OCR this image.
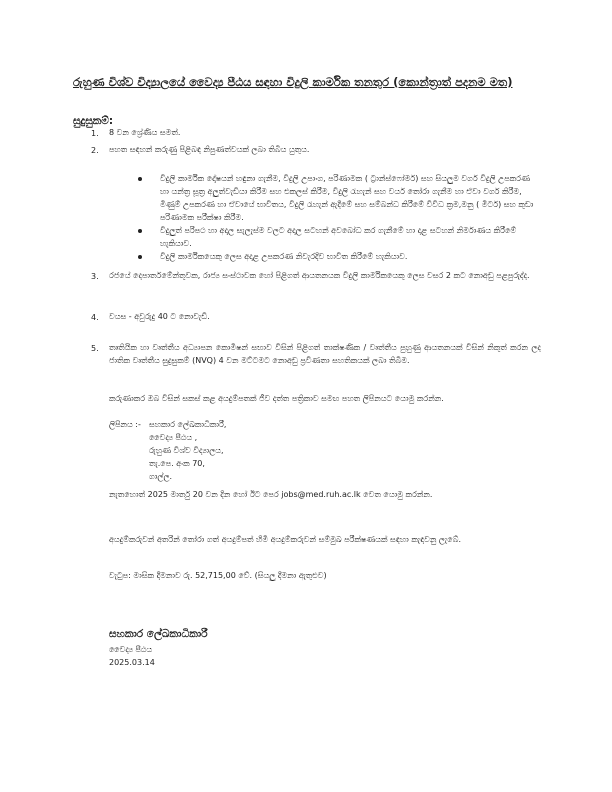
රුහුණ විශ්ව විද්‍යාලයේ වෛද්‍ය පීඨය සඳහා විදුලි කාර්මික තනතුර (කොන්ත්‍රාත් පදනම මත)
සුදුසුකම්:
1. 8 වන ශ්‍රේණිය සමත්.
2. පහත සඳහන් කරුණු පිළිබඳ නිපුණත්වයක් ලබා තිබිය යුතුය.
විදුලි කාර්මික දෝෂයන් හඳුනා ගැනීම, විදුලි උපාංග, පරිණාමක ( ට්‍රාන්ස්ෆෝමර්) සහ සියලුම වර්ග විදුලි උපකරණ හා යන්ත්‍ර සූත්‍ර අලුත්වැඩියා කිරීම සහ එකලස් කිරීම, විදුලි රැහැන් සහ වයර් තෝරා ගැනීම හා ඒවා වර්ග කිරීම, මිණුම් උපකරණ හා ඒවායේ භාවිතය, විදුලි රැහැන් ඇදීමේ සහ සම්බන්ධ කිරීමේ විවිධ ක්‍රම,මනු ( මීටර්) සහ කුඩා පරිණාමක පරීක්ෂා කිරීම.
විදුලුත් පරිපථ හා අදාල සැලැස්ම වලට අදාල සටහන් අවබෝධ කර ගැනීමේ හා දළ සටහන් නිර්මාණය කිරීමේ හැකියාව.
විදුලි කාර්මිකයෙකු ලෙස අදාළ උපකරණ නිවැරදිව භාවිත කිරීමේ හැකියාව.
3. රජයේ දෙපාර්තමේන්තුවක, රාජ්‍ය සංස්ථාවක හෝ පිළිගත් ආයතනයක විදුලි කාර්මිකයෙකු ලෙස වසර 2 කට නොඅඩු පළපුරුද්ද.
4. වයස - අවුරුදු 40 ට නොවැඩි.
5. තෘතියික හා වෘත්තීය අධ්‍යාපන කොමිෂන් සභාව විසින් පිළිගත් තාක්ෂණික / වෘත්තීය පුහුණු ආයතනයක් විසින් නිකුත් කරන ලද ජාතික වෘත්තීය සුදුසුකම් (NVQ) 4 වන මට්ටමට නොඅඩු ප්‍රවීණතා සහතිකයක් ලබා තිබීම.
කරුණාකර ඔබ විසින් සකස් කළ අයදුම්පතක් ජීව දත්ත පත්‍රිකාව සමඟ පහත ලිපිනයට යොමු කරන්න.
ලිපිනය :- සහකාර ලේඛකාධිකාරී,
වෛද්‍ය පීඨය ,
රුහුණ විශ්ව විද්‍යාලය,
තැ.පෙ. අංක 70,
ගාල්ල.
නැතහොත් 2025 මාර්තු 20 වන දින හෝ ඊට පෙර jobs@med.ruh.ac.lk වෙත යොමු කරන්න.
අයදුම්කරුවන් අතරින් තෝරා ගත් අයදුම්පත් හිමි අයදුම්කරුවන් සම්මුඛ පරීක්ෂණයක් සඳහා කැඳවනු ලැබේ.
වැටුප: මාසික දීමනාව රු. 52,715,00 වේ. (සියලු දීමනා ඇතුළුව)
සහකාර ලේඛකාධිකාරී
වෛද්‍ය පීඨය
2025.03.14
